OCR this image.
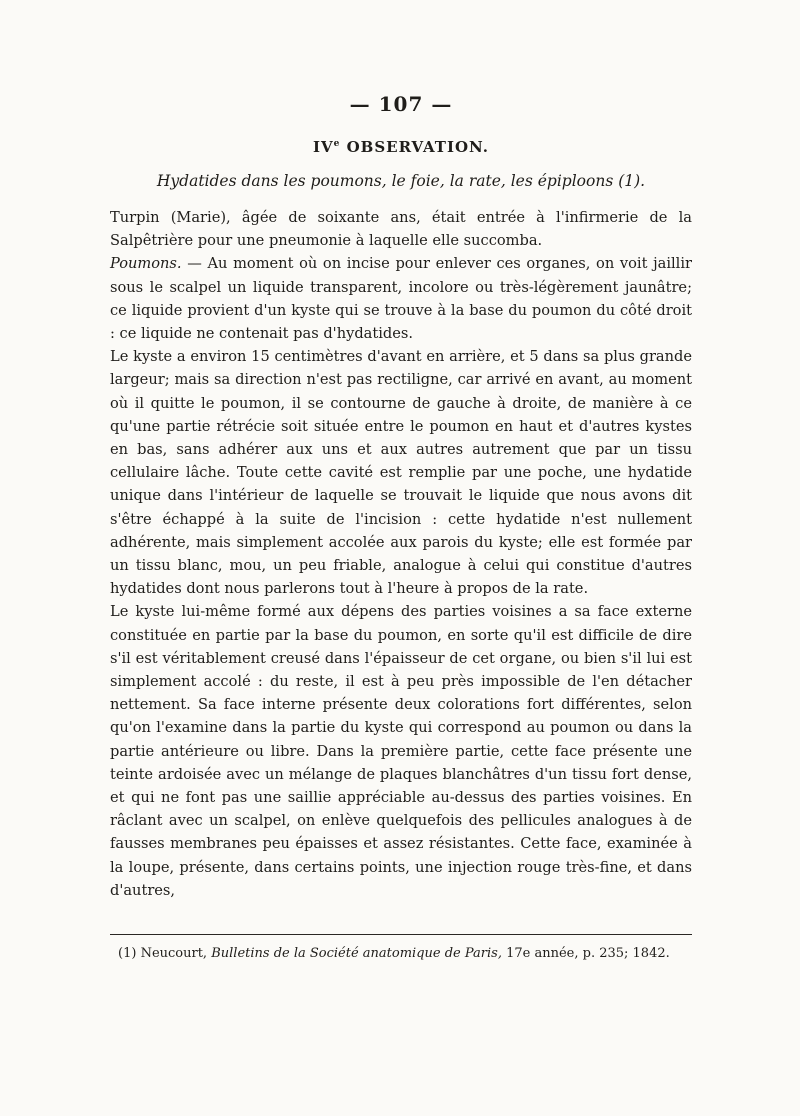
— 107 —
IVe OBSERVATION.
Hydatides dans les poumons, le foie, la rate, les épiploons (1).

Turpin (Marie), âgée de soixante ans, était entrée à l'infirmerie de la Salpêtrière pour une pneumonie à laquelle elle succomba.

Poumons. — Au moment où on incise pour enlever ces organes, on voit jaillir sous le scalpel un liquide transparent, incolore ou très-légèrement jaunâtre; ce liquide provient d'un kyste qui se trouve à la base du poumon du côté droit : ce liquide ne contenait pas d'hydatides.

Le kyste a environ 15 centimètres d'avant en arrière, et 5 dans sa plus grande largeur; mais sa direction n'est pas rectiligne, car arrivé en avant, au moment où il quitte le poumon, il se contourne de gauche à droite, de manière à ce qu'une partie rétrécie soit située entre le poumon en haut et d'autres kystes en bas, sans adhérer aux uns et aux autres autrement que par un tissu cellulaire lâche. Toute cette cavité est remplie par une poche, une hydatide unique dans l'intérieur de laquelle se trouvait le liquide que nous avons dit s'être échappé à la suite de l'incision : cette hydatide n'est nullement adhérente, mais simplement accolée aux parois du kyste; elle est formée par un tissu blanc, mou, un peu friable, analogue à celui qui constitue d'autres hydatides dont nous parlerons tout à l'heure à propos de la rate.

Le kyste lui-même formé aux dépens des parties voisines a sa face externe constituée en partie par la base du poumon, en sorte qu'il est difficile de dire s'il est véritablement creusé dans l'épaisseur de cet organe, ou bien s'il lui est simplement accolé : du reste, il est à peu près impossible de l'en détacher nettement. Sa face interne présente deux colorations fort différentes, selon qu'on l'examine dans la partie du kyste qui correspond au poumon ou dans la partie antérieure ou libre. Dans la première partie, cette face présente une teinte ardoisée avec un mélange de plaques blanchâtres d'un tissu fort dense, et qui ne font pas une saillie appréciable au-dessus des parties voisines. En râclant avec un scalpel, on enlève quelquefois des pellicules analogues à de fausses membranes peu épaisses et assez résistantes. Cette face, examinée à la loupe, présente, dans certains points, une injection rouge très-fine, et dans d'autres,

(1) Neucourt, Bulletins de la Société anatomique de Paris, 17e année, p. 235; 1842.
